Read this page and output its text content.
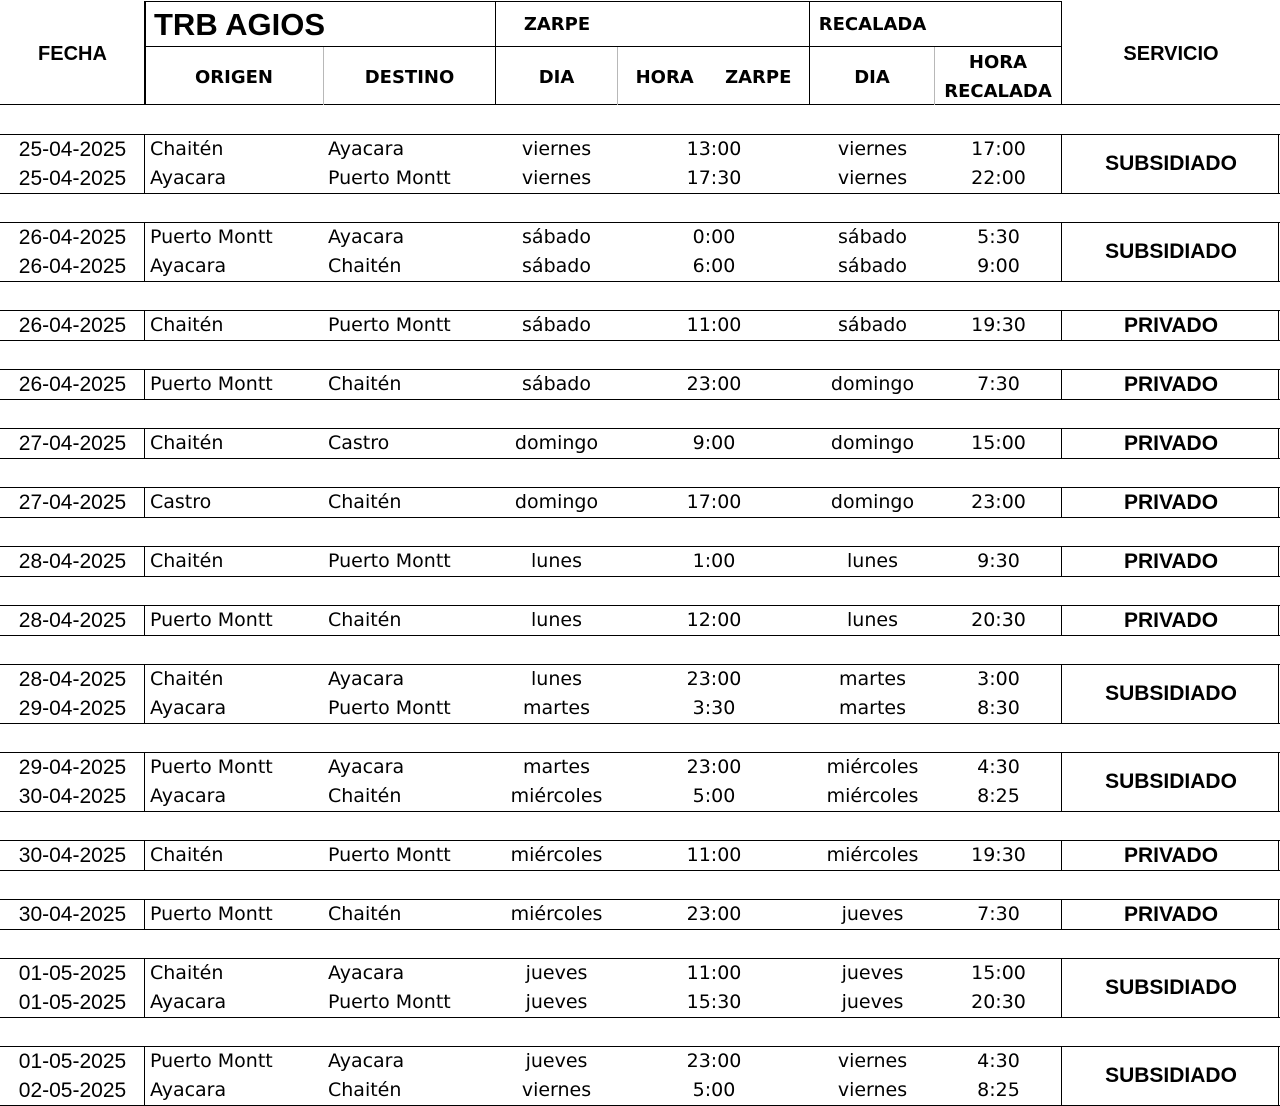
FECHA
TRB AGIOS	ZARPE	RECALADA
SERVICIO
ORIGEN	DESTINO	DIA	HORA     ZARPE	DIA
HORA
RECALADA
25-04-2025	Chaitén	Ayacara	viernes	13:00	viernes	17:00
25-04-2025	Ayacara	Puerto Montt	viernes	17:30	viernes	22:00
SUBSIDIADO
26-04-2025	Puerto Montt	Ayacara	sábado	0:00	sábado	5:30
26-04-2025	Ayacara	Chaitén	sábado	6:00	sábado	9:00
SUBSIDIADO
26-04-2025	Chaitén	Puerto Montt	sábado	11:00	sábado	19:30	PRIVADO
26-04-2025	Puerto Montt	Chaitén	sábado	23:00	domingo	7:30	PRIVADO
27-04-2025	Chaitén	Castro	domingo	9:00	domingo	15:00	PRIVADO
27-04-2025	Castro	Chaitén	domingo	17:00	domingo	23:00	PRIVADO
28-04-2025	Chaitén	Puerto Montt	lunes	1:00	lunes	9:30	PRIVADO
28-04-2025	Puerto Montt	Chaitén	lunes	12:00	lunes	20:30	PRIVADO
28-04-2025	Chaitén	Ayacara	lunes	23:00	martes	3:00
29-04-2025	Ayacara	Puerto Montt	martes	3:30	martes	8:30
SUBSIDIADO
29-04-2025	Puerto Montt	Ayacara	martes	23:00	miércoles	4:30
30-04-2025	Ayacara	Chaitén	miércoles	5:00	miércoles	8:25
SUBSIDIADO
30-04-2025	Chaitén	Puerto Montt	miércoles	11:00	miércoles	19:30	PRIVADO
30-04-2025	Puerto Montt	Chaitén	miércoles	23:00	jueves	7:30	PRIVADO
01-05-2025	Chaitén	Ayacara	jueves	11:00	jueves	15:00
01-05-2025	Ayacara	Puerto Montt	jueves	15:30	jueves	20:30
SUBSIDIADO
01-05-2025	Puerto Montt	Ayacara	jueves	23:00	viernes	4:30
02-05-2025	Ayacara	Chaitén	viernes	5:00	viernes	8:25
SUBSIDIADO
